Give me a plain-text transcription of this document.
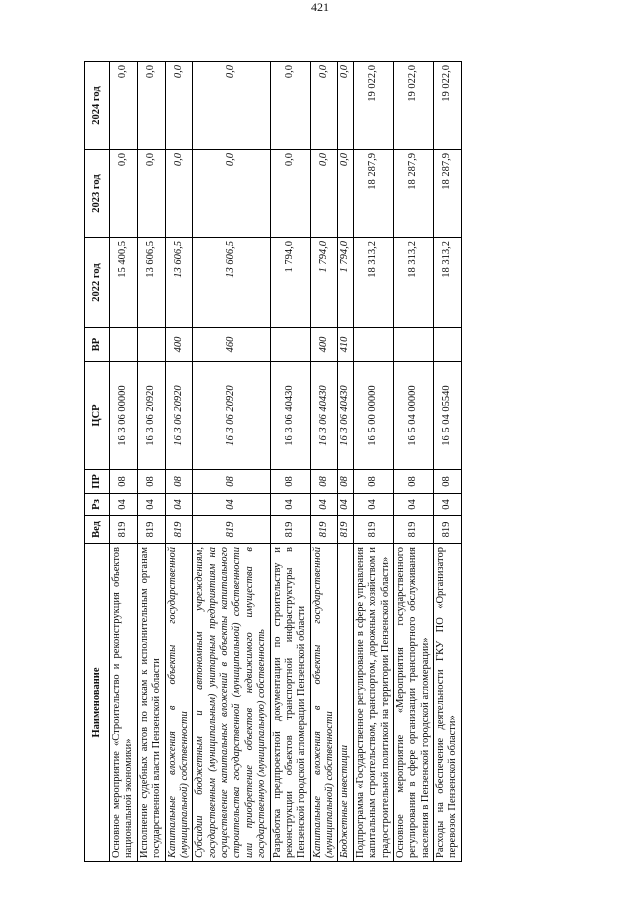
421
Наименование	Вед	Рз	ПР	ЦСР	ВР	2022 год	2023 год	2024 год
Основное мероприятие «Строительство и реконструкция объектов национальной экономики»	819	04	08	16 3 06 00000		15 400,5	0,0	0,0
Исполнение судебных актов по искам к исполнительным органам государственной власти Пензенской области	819	04	08	16 3 06 20920		13 606,5	0,0	0,0
Капитальные вложения в объекты государственной (муниципальной) собственности	819	04	08	16 3 06 20920	400	13 606,5	0,0	0,0
Субсидии бюджетным и автономным учреждениям, государственным (муниципальным) унитарным предприятиям на осуществление капитальных вложений в объекты капитального строительства государственной (муниципальной) собственности или приобретение объектов недвижимого имущества в государственную (муниципальную) собственность	819	04	08	16 3 06 20920	460	13 606,5	0,0	0,0
Разработка предпроектной документации по строительству и реконструкции объектов транспортной инфраструктуры в Пензенской городской агломерации Пензенской области	819	04	08	16 3 06 40430		1 794,0	0,0	0,0
Капитальные вложения в объекты государственной (муниципальной) собственности	819	04	08	16 3 06 40430	400	1 794,0	0,0	0,0
Бюджетные инвестиции	819	04	08	16 3 06 40430	410	1 794,0	0,0	0,0
Подпрограмма «Государственное регулирование в сфере управления капитальным строительством, транспортом, дорожным хозяйством и градостроительной политикой на территории Пензенской области»	819	04	08	16 5 00 00000		18 313,2	18 287,9	19 022,0
Основное мероприятие «Мероприятия государственного регулирования в сфере организации транспортного обслуживания населения в Пензенской городской агломерации»	819	04	08	16 5 04 00000		18 313,2	18 287,9	19 022,0
Расходы на обеспечение деятельности ГКУ ПО «Организатор перевозок Пензенской области»	819	04	08	16 5 04 05540		18 313,2	18 287,9	19 022,0
